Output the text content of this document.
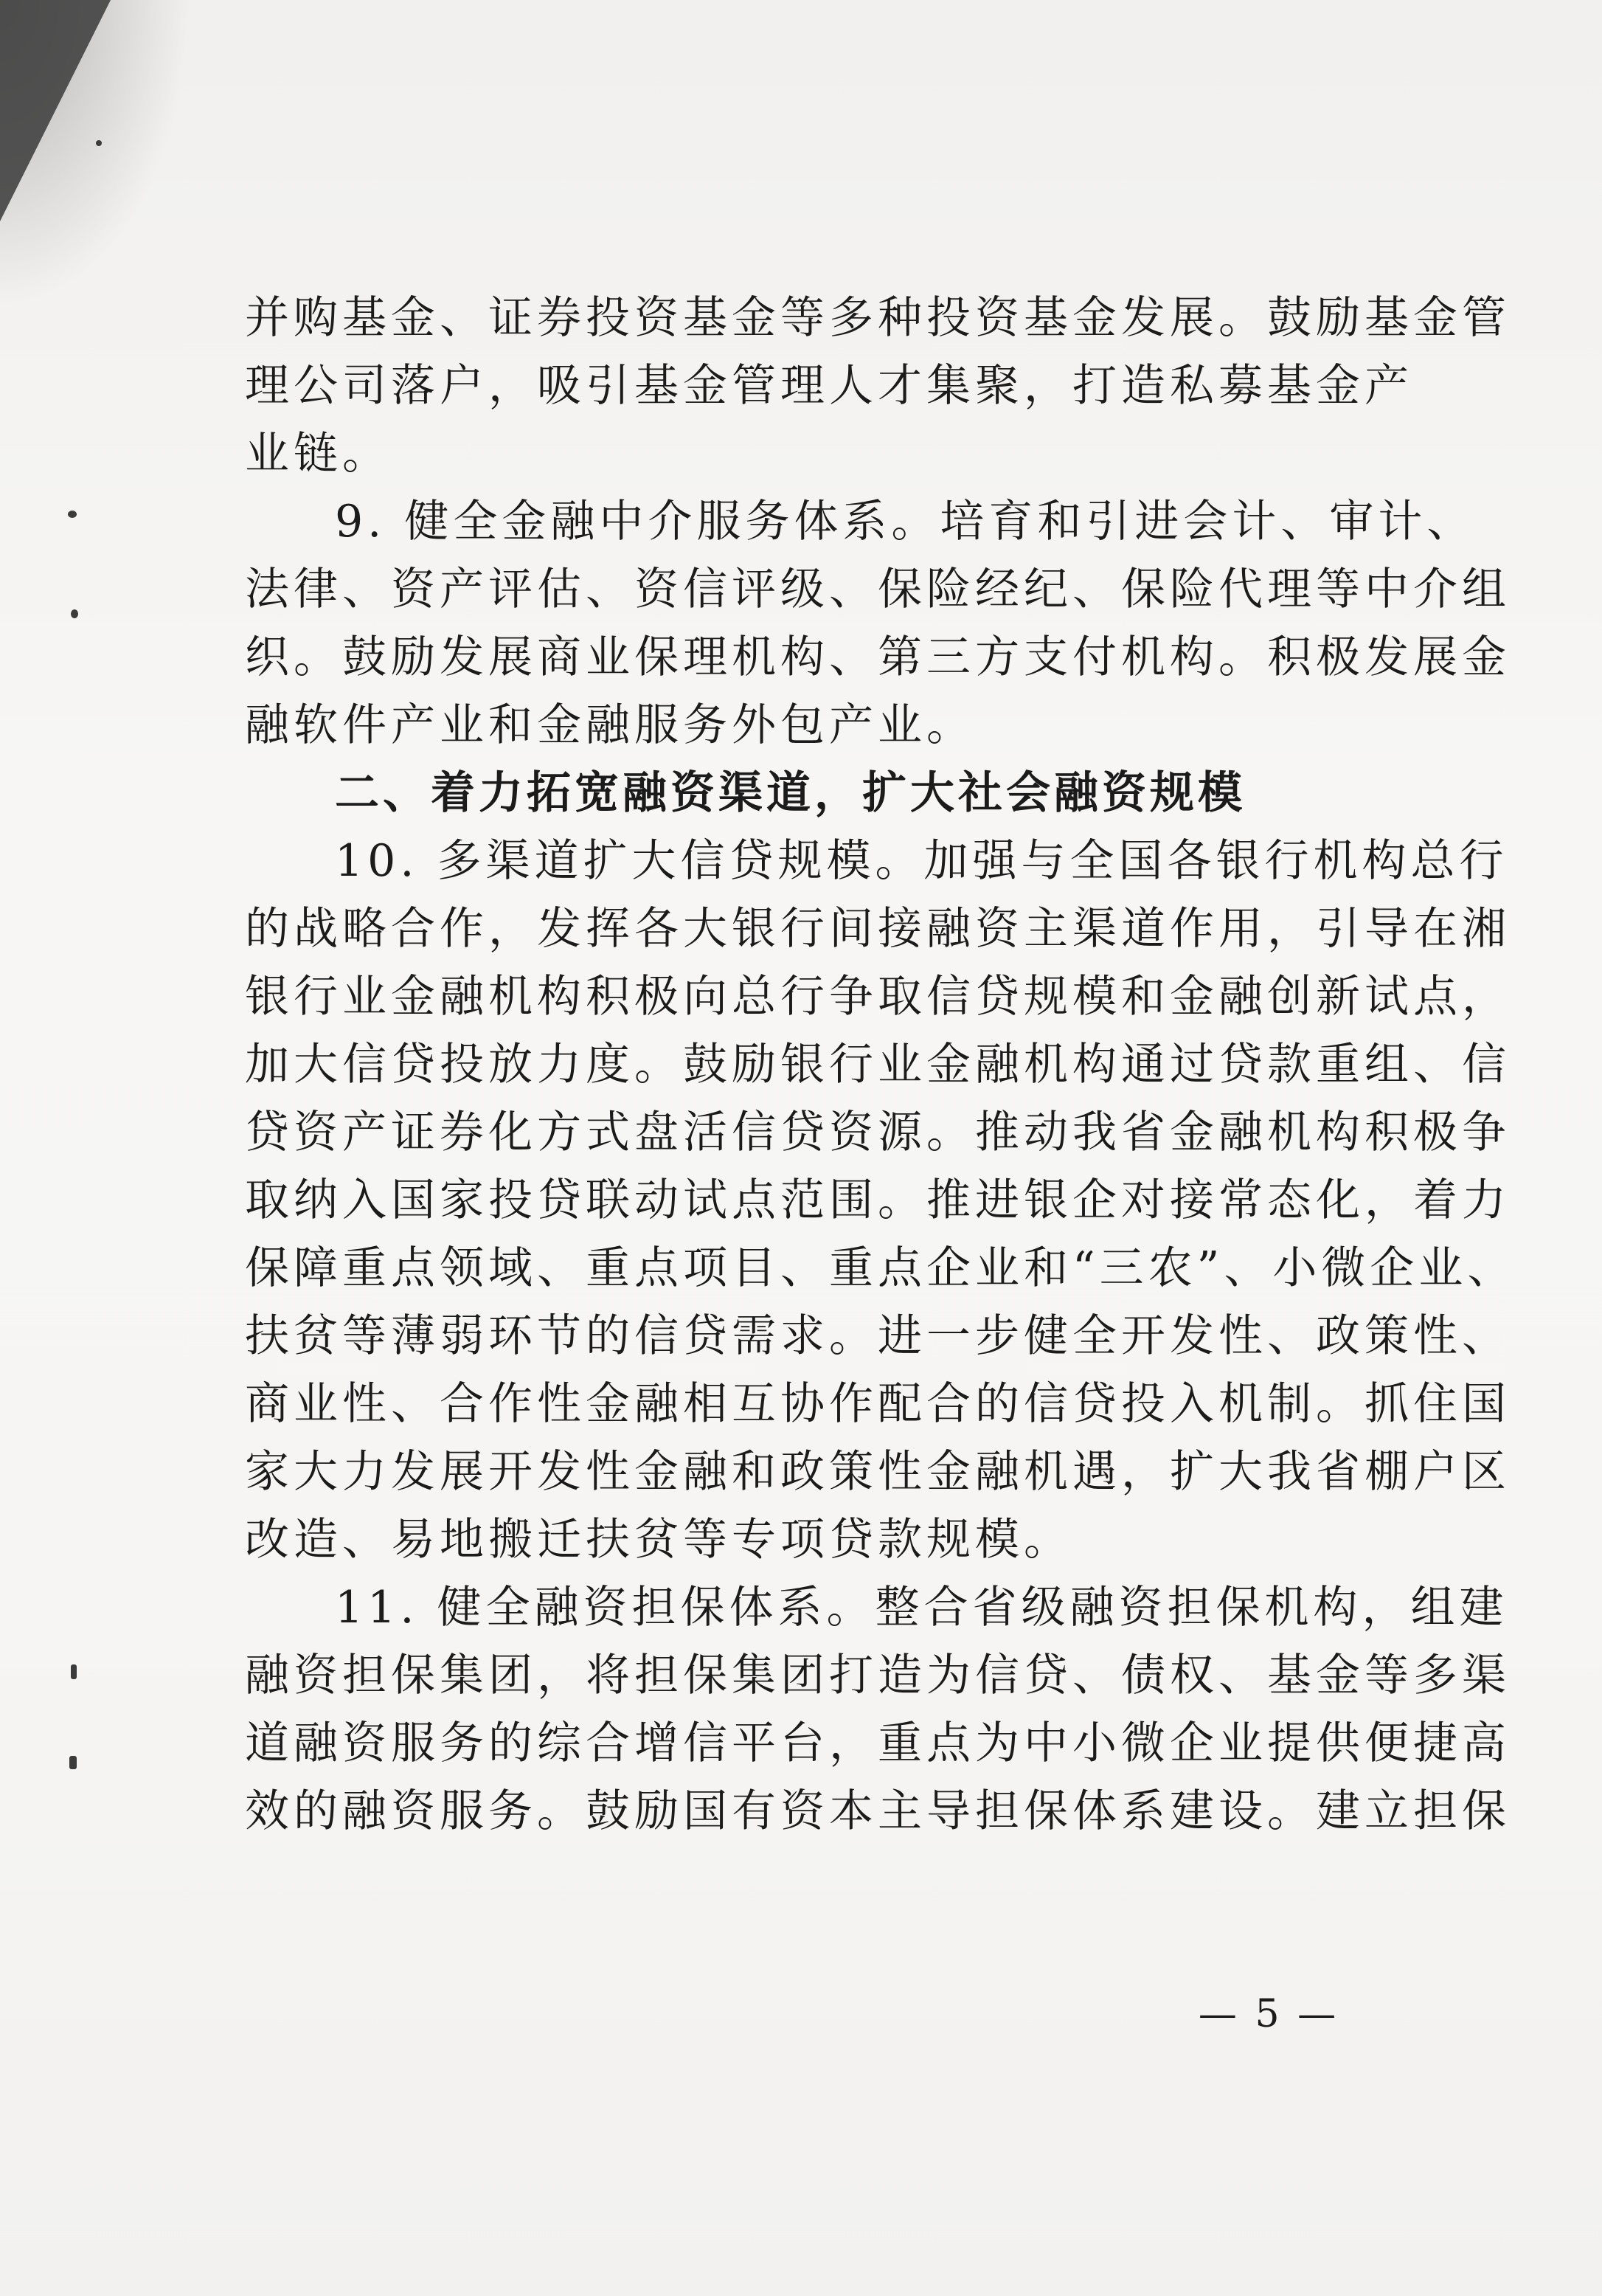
并购基金、证券投资基金等多种投资基金发展。鼓励基金管
理公司落户，吸引基金管理人才集聚，打造私募基金产
业链。
9. 健全金融中介服务体系。培育和引进会计、审计、
法律、资产评估、资信评级、保险经纪、保险代理等中介组
织。鼓励发展商业保理机构、第三方支付机构。积极发展金
融软件产业和金融服务外包产业。
二、着力拓宽融资渠道，扩大社会融资规模
10. 多渠道扩大信贷规模。加强与全国各银行机构总行
的战略合作，发挥各大银行间接融资主渠道作用，引导在湘
银行业金融机构积极向总行争取信贷规模和金融创新试点，
加大信贷投放力度。鼓励银行业金融机构通过贷款重组、信
贷资产证券化方式盘活信贷资源。推动我省金融机构积极争
取纳入国家投贷联动试点范围。推进银企对接常态化，着力
保障重点领域、重点项目、重点企业和“三农”、小微企业、
扶贫等薄弱环节的信贷需求。进一步健全开发性、政策性、
商业性、合作性金融相互协作配合的信贷投入机制。抓住国
家大力发展开发性金融和政策性金融机遇，扩大我省棚户区
改造、易地搬迁扶贫等专项贷款规模。
11. 健全融资担保体系。整合省级融资担保机构，组建
融资担保集团，将担保集团打造为信贷、债权、基金等多渠
道融资服务的综合增信平台，重点为中小微企业提供便捷高
效的融资服务。鼓励国有资本主导担保体系建设。建立担保
— 5 —
